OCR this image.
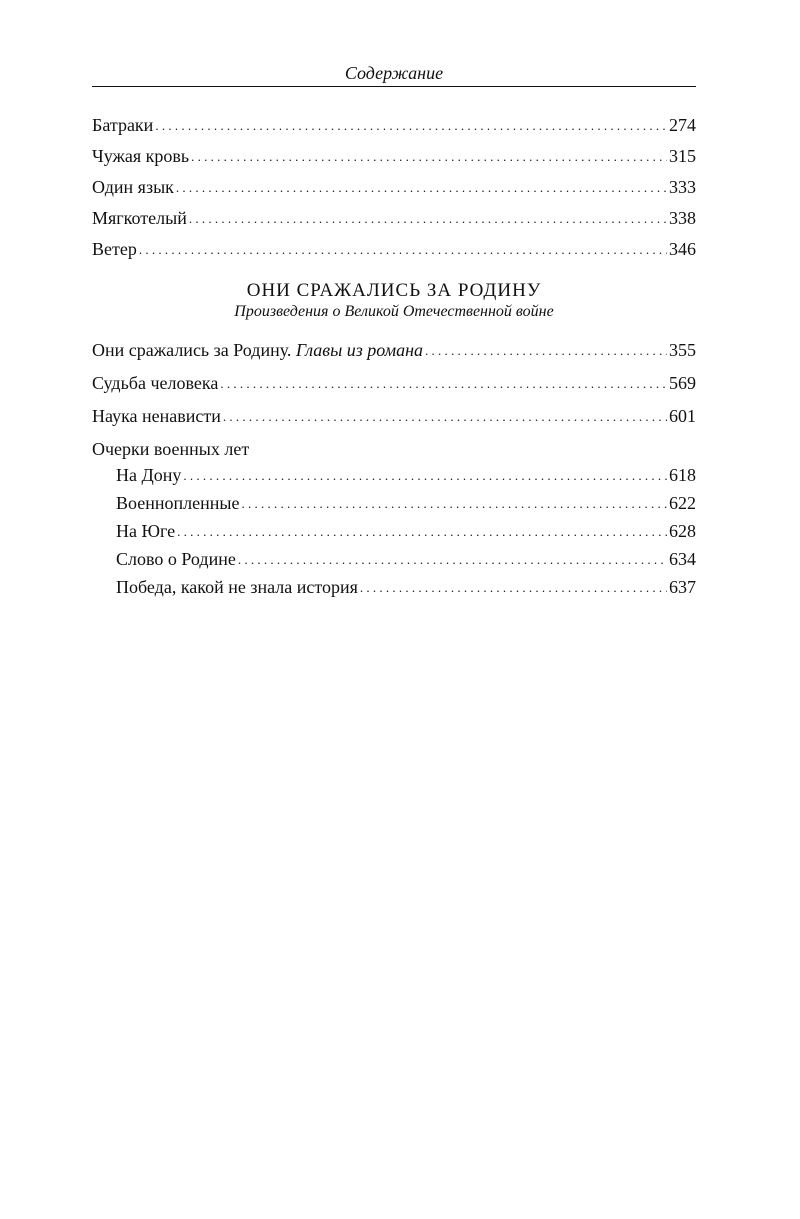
Содержание
Батраки . . .	274
Чужая кровь . . .	315
Один язык . . .	333
Мягкотелый . . .	338
Ветер . . .	346
ОНИ СРАЖАЛИСЬ ЗА РОДИНУ
Произведения о Великой Отечественной войне
Они сражались за Родину. Главы из романа . . .	355
Судьба человека . . .	569
Наука ненависти . . .	601
Очерки военных лет
На Дону . . .	618
Военнопленные . . .	622
На Юге . . .	628
Слово о Родине . . .	634
Победа, какой не знала история . . .	637
